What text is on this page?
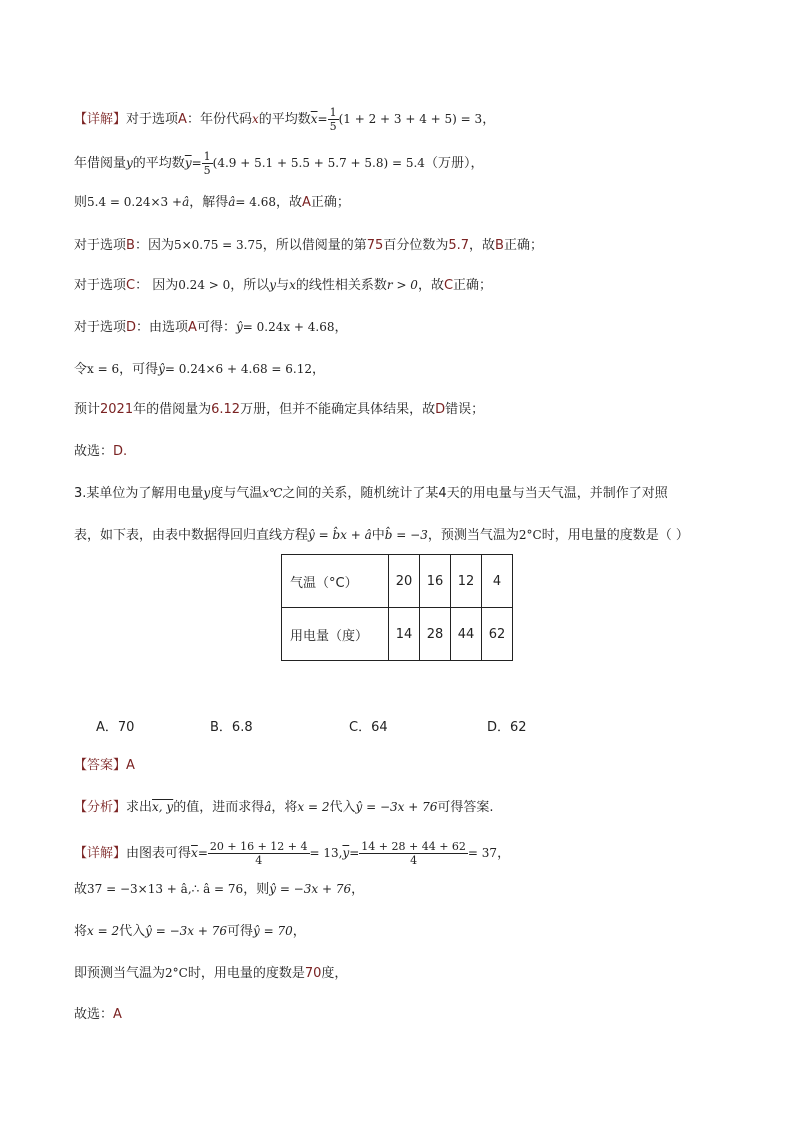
【详解】对于选项A：年份代码x的平均数$\overline{x}= \frac{1}{5} (1 + 2 + 3 + 4 + 5) = 3$，
年借阅量y的平均数$\overline{y}= \frac{1}{5} (4.9 + 5.1 + 5.5 + 5.7 + 5.8) = 5.4$（万册），
则5.4 = 0.24×3 +â，解得â= 4.68，故A正确；
对于选项B：因为5×0.75 = 3.75，所以借阅量的第75百分位数为5.7，故B正确；
对于选项C： 因为0.24 > 0，所以y与x的线性相关系数r > 0，故C正确；
对于选项D：由选项A可得：ŷ= 0.24x + 4.68，
令x = 6，可得ŷ= 0.24×6 + 4.68 = 6.12，
预计2021年的借阅量为6.12万册，但并不能确定具体结果，故D错误；
故选：D.
3.某单位为了解用电量y度与气温x℃之间的关系，随机统计了某4天的用电量与当天气温，并制作了对照
表，如下表，由表中数据得回归直线方程ŷ = b̂x + â中b̂ = −3，预测当气温为2°C时，用电量的度数是（ ）
气温（°C）	20	16	12	4
用电量（度）	14	28	44	62
A．70	B．6.8	C．64	D．62
【答案】A
【分析】求出x, y的值，进而求得â，将x = 2代入ŷ = −3x + 76可得答案.
【详解】由图表可得$\overline{x}= \frac{20 + 16 + 12 + 4}{4} = 13,\overline{y}= \frac{14 + 28 + 44 + 62}{4} = 37$，
故37 = −3×13 + â,∴ â = 76，则ŷ = −3x + 76，
将x = 2代入ŷ = −3x + 76可得ŷ = 70，
即预测当气温为2°C时，用电量的度数是70度，
故选：A
